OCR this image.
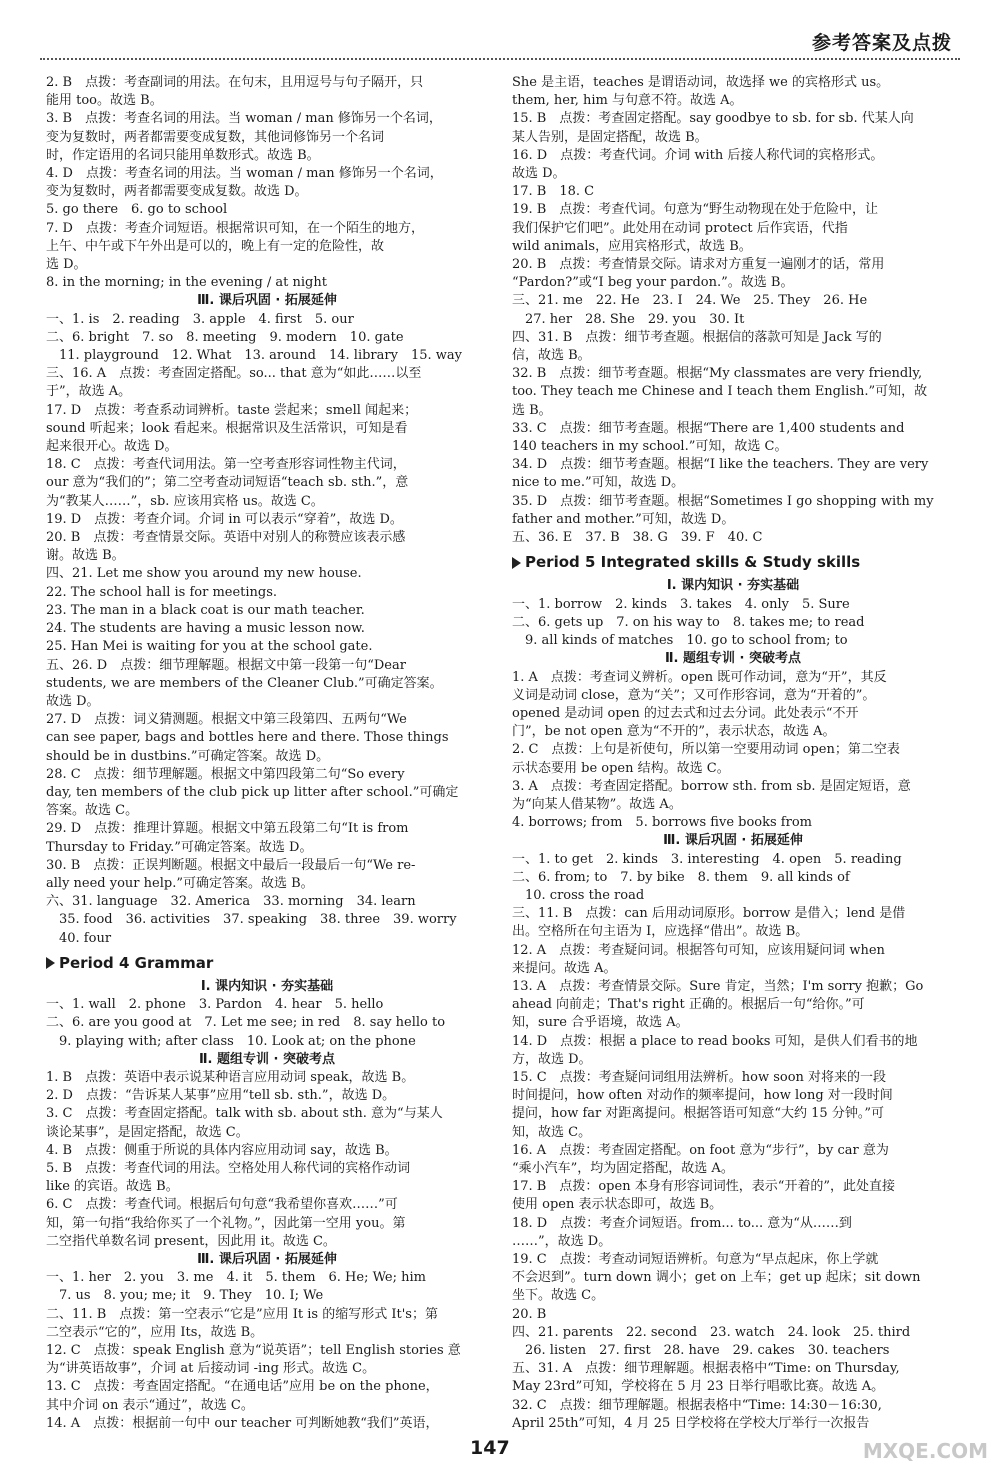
参考答案及点拨
2. B　点拨：考查副词的用法。在句末，且用逗号与句子隔开，只
能用 too。故选 B。
3. B　点拨：考查名词的用法。当 woman / man 修饰另一个名词，
变为复数时，两者都需要变成复数，其他词修饰另一个名词
时，作定语用的名词只能用单数形式。故选 B。
4. D　点拨：考查名词的用法。当 woman / man 修饰另一个名词，
变为复数时，两者都需要变成复数。故选 D。
5. go there　6. go to school
7. D　点拨：考查介词短语。根据常识可知，在一个陌生的地方，
上午、中午或下午外出是可以的，晚上有一定的危险性，故
选 D。
8. in the morning; in the evening / at night
Ⅲ. 课后巩固 · 拓展延伸
一、1. is　2. reading　3. apple　4. first　5. our
二、6. bright　7. so　8. meeting　9. modern　10. gate
　11. playground　12. What　13. around　14. library　15. way
三、16. A　点拨：考查固定搭配。so... that 意为“如此……以至
于”，故选 A。
17. D　点拨：考查系动词辨析。taste 尝起来；smell 闻起来；
sound 听起来；look 看起来。根据常识及生活常识，可知是看
起来很开心。故选 D。
18. C　点拨：考查代词用法。第一空考查形容词性物主代词，
our 意为“我们的”；第二空考查动词短语“teach sb. sth.”，意
为“教某人……”，sb. 应该用宾格 us。故选 C。
19. D　点拨：考查介词。介词 in 可以表示“穿着”，故选 D。
20. B　点拨：考查情景交际。英语中对别人的称赞应该表示感
谢。故选 B。
四、21. Let me show you around my new house.
22. The school hall is for meetings.
23. The man in a black coat is our math teacher.
24. The students are having a music lesson now.
25. Han Mei is waiting for you at the school gate.
五、26. D　点拨：细节理解题。根据文中第一段第一句“Dear
students, we are members of the Cleaner Club.”可确定答案。
故选 D。
27. D　点拨：词义猜测题。根据文中第三段第四、五两句“We
can see paper, bags and bottles here and there. Those things
should be in dustbins.”可确定答案。故选 D。
28. C　点拨：细节理解题。根据文中第四段第二句“So every
day, ten members of the club pick up litter after school.”可确定
答案。故选 C。
29. D　点拨：推理计算题。根据文中第五段第二句“It is from
Thursday to Friday.”可确定答案。故选 D。
30. B　点拨：正误判断题。根据文中最后一段最后一句“We re-
ally need your help.”可确定答案。故选 B。
六、31. language　32. America　33. morning　34. learn
　35. food　36. activities　37. speaking　38. three　39. worry
　40. four
Period 4 Grammar
Ⅰ. 课内知识 · 夯实基础
一、1. wall　2. phone　3. Pardon　4. hear　5. hello
二、6. are you good at　7. Let me see; in red　8. say hello to
　9. playing with; after class　10. Look at; on the phone
Ⅱ. 题组专训 · 突破考点
1. B　点拨：英语中表示说某种语言应用动词 speak，故选 B。
2. D　点拨：“告诉某人某事”应用“tell sb. sth.”，故选 D。
3. C　点拨：考查固定搭配。talk with sb. about sth. 意为“与某人
谈论某事”，是固定搭配，故选 C。
4. B　点拨：侧重于所说的具体内容应用动词 say，故选 B。
5. B　点拨：考查代词的用法。空格处用人称代词的宾格作动词
like 的宾语。故选 B。
6. C　点拨：考查代词。根据后句句意“我希望你喜欢……”可
知，第一句指“我给你买了一个礼物。”，因此第一空用 you。第
二空指代单数名词 present，因此用 it。故选 C。
Ⅲ. 课后巩固 · 拓展延伸
一、1. her　2. you　3. me　4. it　5. them　6. He; We; him
　7. us　8. you; me; it　9. They　10. I; We
二、11. B　点拨：第一空表示“它是”应用 It is 的缩写形式 It's；第
二空表示“它的”，应用 Its，故选 B。
12. C　点拨：speak English 意为“说英语”；tell English stories 意
为“讲英语故事”，介词 at 后接动词 -ing 形式。故选 C。
13. C　点拨：考查固定搭配。“在通电话”应用 be on the phone，
其中介词 on 表示“通过”，故选 C。
14. A　点拨：根据前一句中 our teacher 可判断她教“我们”英语，
She 是主语，teaches 是谓语动词，故选择 we 的宾格形式 us。
them, her, him 与句意不符。故选 A。
15. B　点拨：考查固定搭配。say goodbye to sb. for sb. 代某人向
某人告别，是固定搭配，故选 B。
16. D　点拨：考查代词。介词 with 后接人称代词的宾格形式。
故选 D。
17. B　18. C
19. B　点拨：考查代词。句意为“野生动物现在处于危险中，让
我们保护它们吧”。此处用在动词 protect 后作宾语，代指
wild animals，应用宾格形式，故选 B。
20. B　点拨：考查情景交际。请求对方重复一遍刚才的话，常用
“Pardon?”或“I beg your pardon.”。故选 B。
三、21. me　22. He　23. I　24. We　25. They　26. He
　27. her　28. She　29. you　30. It
四、31. B　点拨：细节考查题。根据信的落款可知是 Jack 写的
信，故选 B。
32. B　点拨：细节考查题。根据“My classmates are very friendly,
too. They teach me Chinese and I teach them English.”可知，故
选 B。
33. C　点拨：细节考查题。根据“There are 1,400 students and
140 teachers in my school.”可知，故选 C。
34. D　点拨：细节考查题。根据“I like the teachers. They are very
nice to me.”可知，故选 D。
35. D　点拨：细节考查题。根据“Sometimes I go shopping with my
father and mother.”可知，故选 D。
五、36. E　37. B　38. G　39. F　40. C
Period 5 Integrated skills & Study skills
Ⅰ. 课内知识 · 夯实基础
一、1. borrow　2. kinds　3. takes　4. only　5. Sure
二、6. gets up　7. on his way to　8. takes me; to read
　9. all kinds of matches　10. go to school from; to
Ⅱ. 题组专训 · 突破考点
1. A　点拨：考查词义辨析。open 既可作动词，意为“开”，其反
义词是动词 close，意为“关”；又可作形容词，意为“开着的”。
opened 是动词 open 的过去式和过去分词。此处表示“不开
门”，be not open 意为“不开的”，表示状态，故选 A。
2. C　点拨：上句是祈使句，所以第一空要用动词 open；第二空表
示状态要用 be open 结构。故选 C。
3. A　点拨：考查固定搭配。borrow sth. from sb. 是固定短语，意
为“向某人借某物”。故选 A。
4. borrows; from　5. borrows five books from
Ⅲ. 课后巩固 · 拓展延伸
一、1. to get　2. kinds　3. interesting　4. open　5. reading
二、6. from; to　7. by bike　8. them　9. all kinds of
　10. cross the road
三、11. B　点拨：can 后用动词原形。borrow 是借入；lend 是借
出。空格所在句主语为 I，应选择“借出”。故选 B。
12. A　点拨：考查疑问词。根据答句可知，应该用疑问词 when
来提问。故选 A。
13. A　点拨：考查情景交际。Sure 肯定，当然；I'm sorry 抱歉；Go
ahead 向前走；That's right 正确的。根据后一句“给你。”可
知，sure 合乎语境，故选 A。
14. D　点拨：根据 a place to read books 可知，是供人们看书的地
方，故选 D。
15. C　点拨：考查疑问词组用法辨析。how soon 对将来的一段
时间提问，how often 对动作的频率提问，how long 对一段时间
提问，how far 对距离提问。根据答语可知意“大约 15 分钟。”可
知，故选 C。
16. A　点拨：考查固定搭配。on foot 意为“步行”，by car 意为
“乘小汽车”，均为固定搭配，故选 A。
17. B　点拨：open 本身有形容词词性，表示“开着的”，此处直接
使用 open 表示状态即可，故选 B。
18. D　点拨：考查介词短语。from... to... 意为“从……到
……”，故选 D。
19. C　点拨：考查动词短语辨析。句意为“早点起床，你上学就
不会迟到”。turn down 调小；get on 上车；get up 起床；sit down
坐下。故选 C。
20. B
四、21. parents　22. second　23. watch　24. look　25. third
　26. listen　27. first　28. have　29. cakes　30. teachers
五、31. A　点拨：细节理解题。根据表格中“Time: on Thursday,
May 23rd”可知，学校将在 5 月 23 日举行唱歌比赛。故选 A。
32. C　点拨：细节理解题。根据表格中“Time: 14:30－16:30,
April 25th”可知，4 月 25 日学校将在学校大厅举行一次报告
147	MXQE.COM
